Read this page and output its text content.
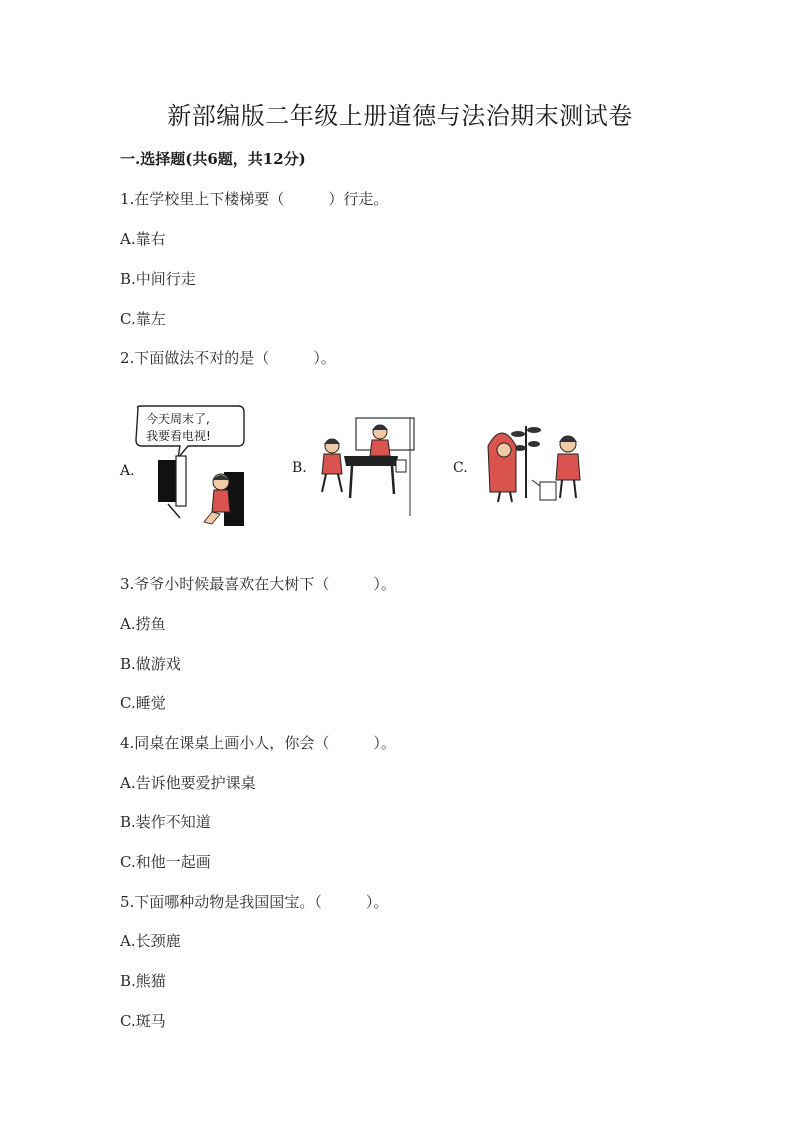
新部编版二年级上册道德与法治期末测试卷
一.选择题(共6题，共12分)
1.在学校里上下楼梯要（	）行走。
A.靠右
B.中间行走
C.靠左
2.下面做法不对的是（	）。
A.	B.	C.
今天周末了,
我要看电视!
3.爷爷小时候最喜欢在大树下（	）。
A.捞鱼
B.做游戏
C.睡觉
4.同桌在课桌上画小人，你会（	）。
A.告诉他要爱护课桌
B.装作不知道
C.和他一起画
5.下面哪种动物是我国国宝。（	）。
A.长颈鹿
B.熊猫
C.斑马
